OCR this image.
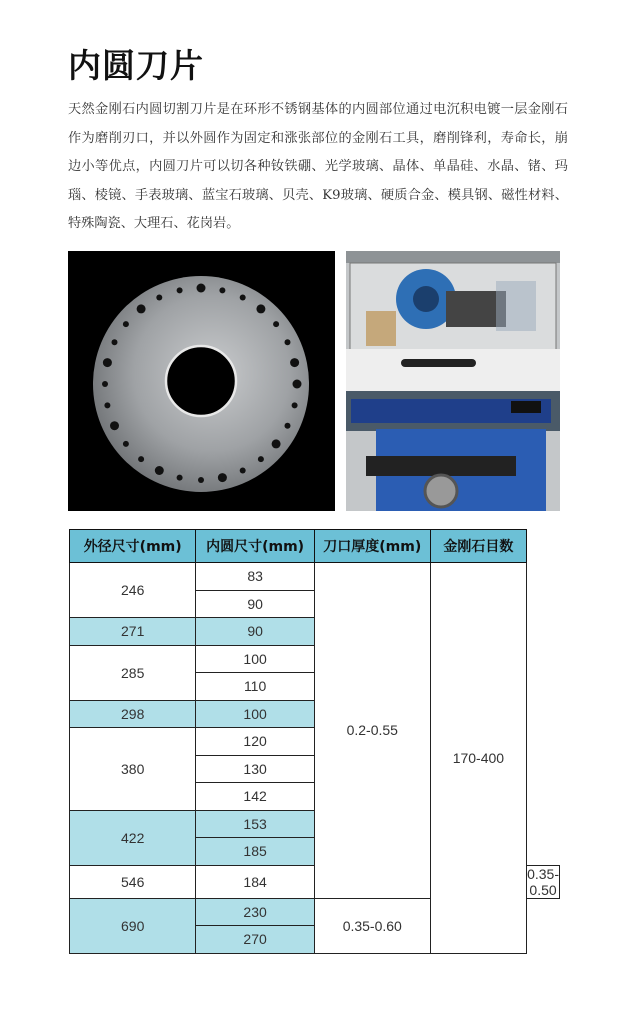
内圆刀片
天然金刚石内圆切割刀片是在环形不锈钢基体的内圆部位通过电沉积电镀一层金刚石作为磨削刃口，并以外圆作为固定和涨张部位的金刚石工具，磨削锋利，寿命长，崩边小等优点，内圆刀片可以切各种钕铁硼、光学玻璃、晶体、单晶硅、水晶、锗、玛瑙、棱镜、手表玻璃、蓝宝石玻璃、贝壳、K9玻璃、硬质合金、模具钢、磁性材料、特殊陶瓷、大理石、花岗岩。
外径尺寸(mm)	内圆尺寸(mm)	刀口厚度(mm)	金刚石目数	
246	83	0.2-0.55	170-400	
	90			
271	90			
285	100			
	110			
298	100			
380	120			
	130			
	142			
422	153			
	185			
546	184			0.35-0.50
690	230	0.35-0.60		
	270			
